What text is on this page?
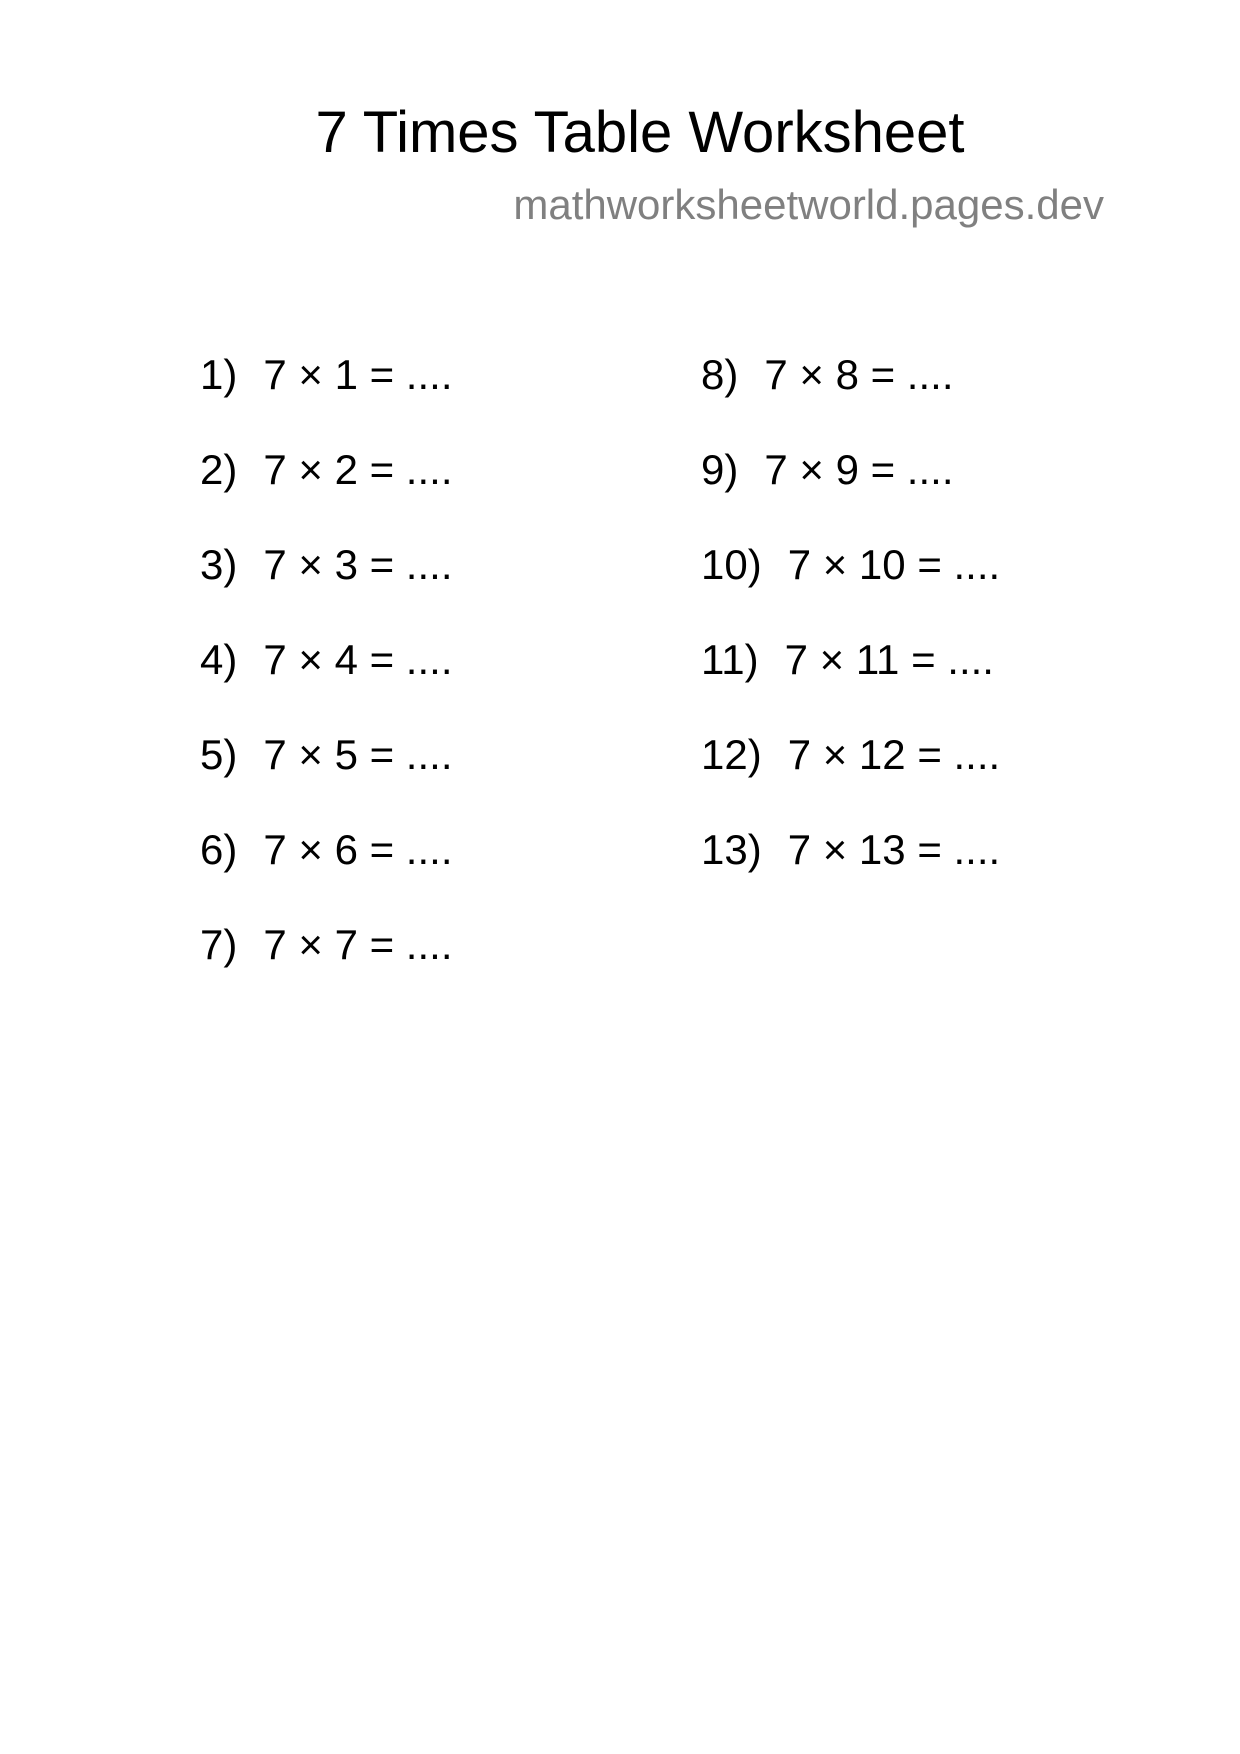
7 Times Table Worksheet
mathworksheetworld.pages.dev
1) 7 × 1 = ....
2) 7 × 2 = ....
3) 7 × 3 = ....
4) 7 × 4 = ....
5) 7 × 5 = ....
6) 7 × 6 = ....
7) 7 × 7 = ....
8) 7 × 8 = ....
9) 7 × 9 = ....
10) 7 × 10 = ....
11) 7 × 11 = ....
12) 7 × 12 = ....
13) 7 × 13 = ....
